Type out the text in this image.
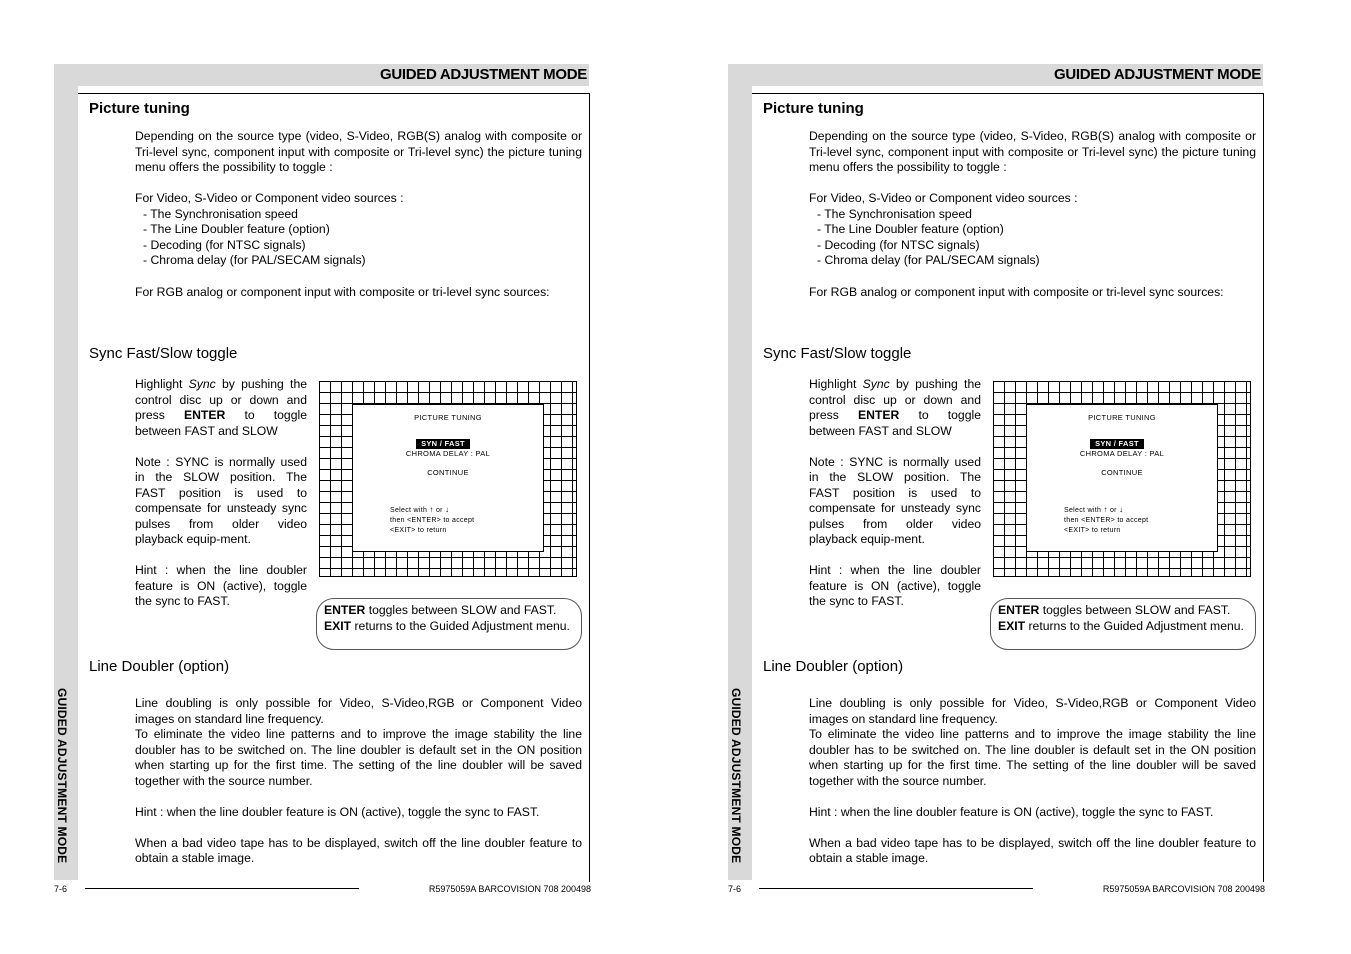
GUIDED ADJUSTMENT MODE
GUIDED ADJUSTMENT MODE
Picture tuning

Depending on the source type (video, S-Video, RGB(S) analog with composite or Tri-level sync, component input with composite or Tri-level sync) the picture tuning menu offers the possibility to toggle :

For Video, S-Video or Component video sources :

- The Synchronisation speed

- The Line Doubler feature (option)

- Decoding (for NTSC signals)

- Chroma delay (for PAL/SECAM signals)

For RGB analog or component input with composite or tri-level sync sources:

Sync Fast/Slow toggle

Highlight Sync by pushing the control disc up or down and press ENTER to toggle between FAST and SLOW

Note : SYNC is normally used in the SLOW position. The FAST position is used to compensate for unsteady sync pulses from older video playback equip-ment.

Hint : when the line doubler feature is ON (active), toggle the sync to FAST.

PICTURE TUNING
SYN / FAST
CHROMA DELAY : PAL
CONTINUE
Select with ↑ or ↓
then <ENTER> to accept
<EXIT> to return

ENTER toggles between SLOW and FAST.

EXIT returns to the Guided Adjustment menu.

Line Doubler (option)

Line doubling is only possible for Video, S-Video,RGB or Component Video images on standard line frequency.

To eliminate the video line patterns and to improve the image stability the line doubler has to be switched on. The line doubler is default set in the ON position when starting up for the first time. The setting of the line doubler will be saved together with the source number.

Hint : when the line doubler feature is ON (active), toggle the sync to FAST.

When a bad video tape has to be displayed, switch off the line doubler feature to obtain a stable image.

7-6	R5975059A BARCOVISION 708 200498
GUIDED ADJUSTMENT MODE
GUIDED ADJUSTMENT MODE
Picture tuning

Depending on the source type (video, S-Video, RGB(S) analog with composite or Tri-level sync, component input with composite or Tri-level sync) the picture tuning menu offers the possibility to toggle :

For Video, S-Video or Component video sources :

- The Synchronisation speed

- The Line Doubler feature (option)

- Decoding (for NTSC signals)

- Chroma delay (for PAL/SECAM signals)

For RGB analog or component input with composite or tri-level sync sources:

Sync Fast/Slow toggle

Highlight Sync by pushing the control disc up or down and press ENTER to toggle between FAST and SLOW

Note : SYNC is normally used in the SLOW position. The FAST position is used to compensate for unsteady sync pulses from older video playback equip-ment.

Hint : when the line doubler feature is ON (active), toggle the sync to FAST.

PICTURE TUNING
SYN / FAST
CHROMA DELAY : PAL
CONTINUE
Select with ↑ or ↓
then <ENTER> to accept
<EXIT> to return

ENTER toggles between SLOW and FAST.

EXIT returns to the Guided Adjustment menu.

Line Doubler (option)

Line doubling is only possible for Video, S-Video,RGB or Component Video images on standard line frequency.

To eliminate the video line patterns and to improve the image stability the line doubler has to be switched on. The line doubler is default set in the ON position when starting up for the first time. The setting of the line doubler will be saved together with the source number.

Hint : when the line doubler feature is ON (active), toggle the sync to FAST.

When a bad video tape has to be displayed, switch off the line doubler feature to obtain a stable image.

7-6	R5975059A BARCOVISION 708 200498
